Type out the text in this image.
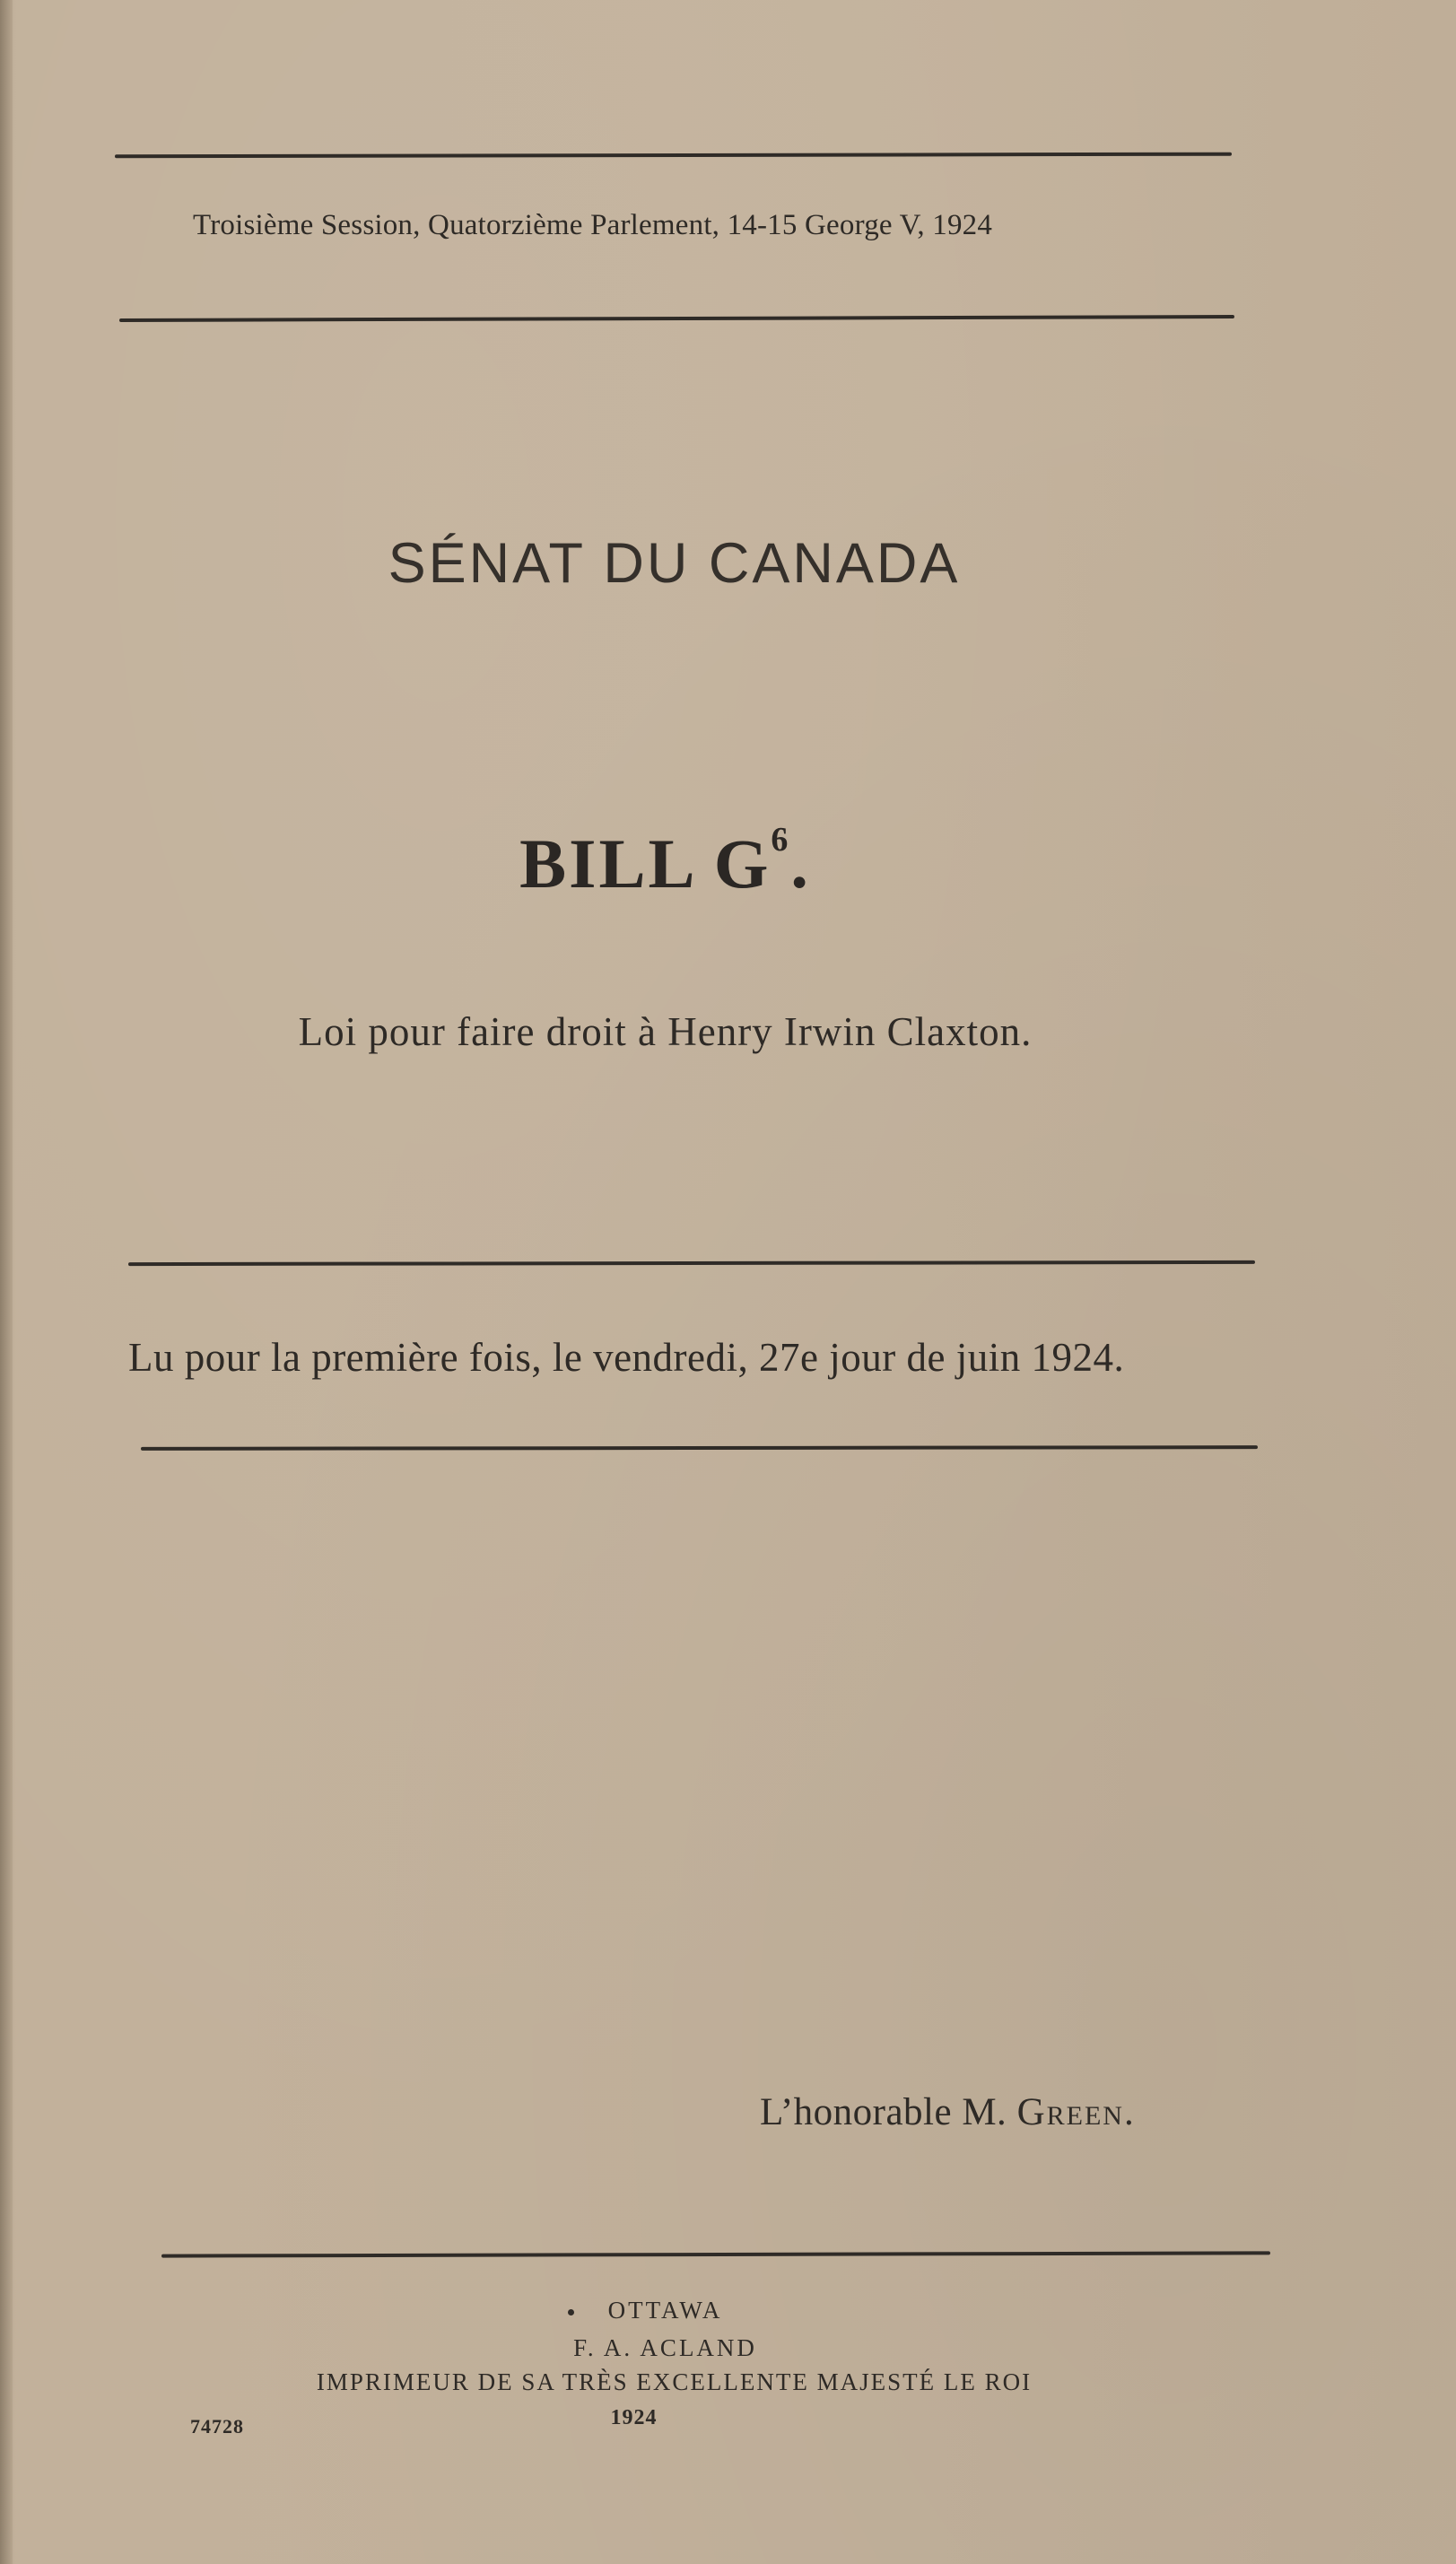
Troisième Session, Quatorzième Parlement, 14-15 George V, 1924
SÉNAT DU CANADA
BILL $G^6$.
Loi pour faire droit à Henry Irwin Claxton.
Lu pour la première fois, le vendredi, 27e jour de juin 1924.
L’honorable M. Green.
OTTAWA
F. A. ACLAND
IMPRIMEUR DE SA TRÈS EXCELLENTE MAJESTÉ LE ROI
1924
74728
